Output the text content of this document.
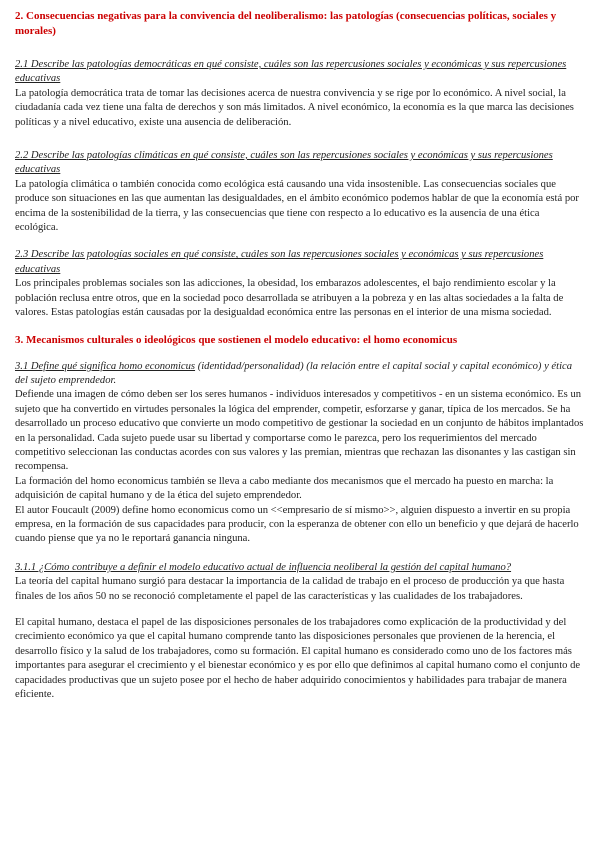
2. Consecuencias negativas para la convivencia del neoliberalismo: las patologías (consecuencias políticas, sociales y morales)

2.1 Describe las patologías democráticas en qué consiste, cuáles son las repercusiones sociales y económicas y sus repercusiones educativas

La patología democrática trata de tomar las decisiones acerca de nuestra convivencia y se rige por lo económico. A nivel social, la ciudadanía cada vez tiene una falta de derechos y son más limitados. A nivel económico, la economía es la que marca las decisiones políticas y a nivel educativo, existe una ausencia de deliberación.

2.2 Describe las patologías climáticas en qué consiste, cuáles son las repercusiones sociales y económicas y sus repercusiones educativas

La patología climática o también conocida como ecológica está causando una vida insostenible. Las consecuencias sociales que produce son situaciones en las que aumentan las desigualdades, en el ámbito económico podemos hablar de que la economía está por encima de la sostenibilidad de la tierra, y las consecuencias que tiene con respecto a lo educativo es la ausencia de una ética ecológica.

2.3 Describe las patologías sociales en qué consiste, cuáles son las repercusiones sociales y económicas y sus repercusiones educativas

Los principales problemas sociales son las adicciones, la obesidad, los embarazos adolescentes, el bajo rendimiento escolar y la población reclusa entre otros, que en la sociedad poco desarrollada se atribuyen a la pobreza y en las altas sociedades a la falta de valores. Estas patologías están causadas por la desigualdad económica entre las personas en el interior de una misma sociedad.

3. Mecanismos culturales o ideológicos que sostienen el modelo educativo: el homo economicus

3.1 Define qué significa homo economicus (identidad/personalidad) (la relación entre el capital social y capital económico) y ética del sujeto emprendedor.

Defiende una imagen de cómo deben ser los seres humanos - individuos interesados y competitivos - en un sistema económico. Es un sujeto que ha convertido en virtudes personales la lógica del emprender, competir, esforzarse y ganar, típica de los mercados. Se ha desarrollado un proceso educativo que convierte un modo competitivo de gestionar la sociedad en un conjunto de hábitos implantados en la personalidad. Cada sujeto puede usar su libertad y comportarse como le parezca, pero los requerimientos del mercado competitivo seleccionan las conductas acordes con sus valores y las premian, mientras que rechazan las disonantes y las castigan sin recompensa.

La formación del homo economicus también se lleva a cabo mediante dos mecanismos que el mercado ha puesto en marcha: la adquisición de capital humano y de la ética del sujeto emprendedor.

El autor Foucault (2009) define homo economicus como un <<empresario de sí mismo>>, alguien dispuesto a invertir en su propia empresa, en la formación de sus capacidades para producir, con la esperanza de obtener con ello un beneficio y que dejará de hacerlo cuando piense que ya no le reportará ganancia ninguna.

3.1.1 ¿Cómo contribuye a definir el modelo educativo actual de influencia neoliberal la gestión del capital humano?

La teoría del capital humano surgió para destacar la importancia de la calidad de trabajo en el proceso de producción ya que hasta finales de los años 50 no se reconoció completamente el papel de las características y las cualidades de los trabajadores.

El capital humano, destaca el papel de las disposiciones personales de los trabajadores como explicación de la productividad y del crecimiento económico ya que el capital humano comprende tanto las disposiciones personales que provienen de la herencia, el desarrollo físico y la salud de los trabajadores, como su formación. El capital humano es considerado como uno de los factores más importantes para asegurar el crecimiento y el bienestar económico y es por ello que definimos al capital humano como el conjunto de capacidades productivas que un sujeto posee por el hecho de haber adquirido conocimientos y habilidades para trabajar de manera eficiente.
